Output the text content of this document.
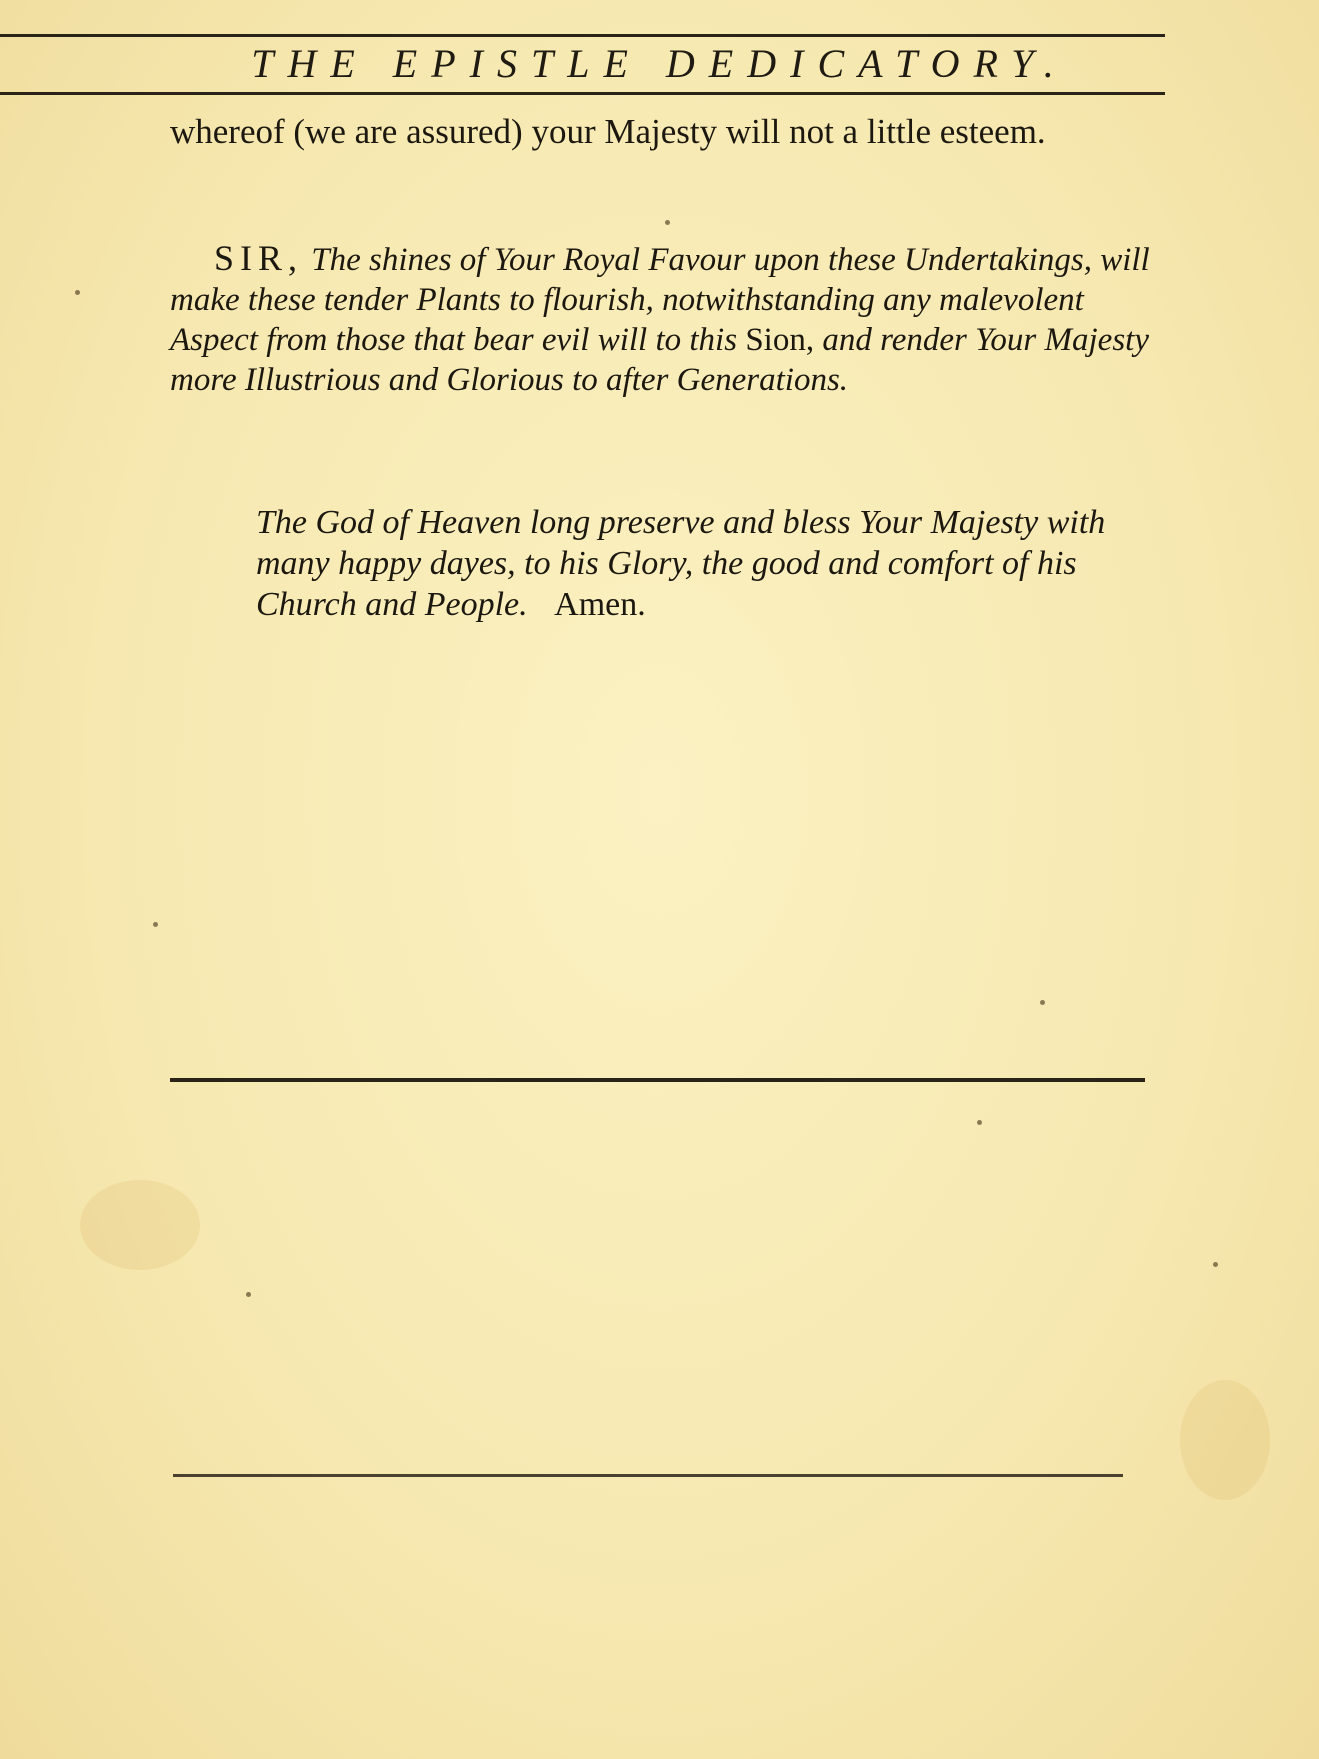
THE EPISTLE DEDICATORY.
whereof (we are assured) your Majesty will not a little esteem.
SIR, The shines of Your Royal Favour upon these Undertakings, will make these tender Plants to flourish, notwithstanding any malevolent Aspect from those that bear evil will to this Sion, and render Your Majesty more Illustrious and Glorious to after Generations.
The God of Heaven long preserve and bless Your Majesty with many happy dayes, to his Glory, the good and comfort of his Church and People. Amen.
